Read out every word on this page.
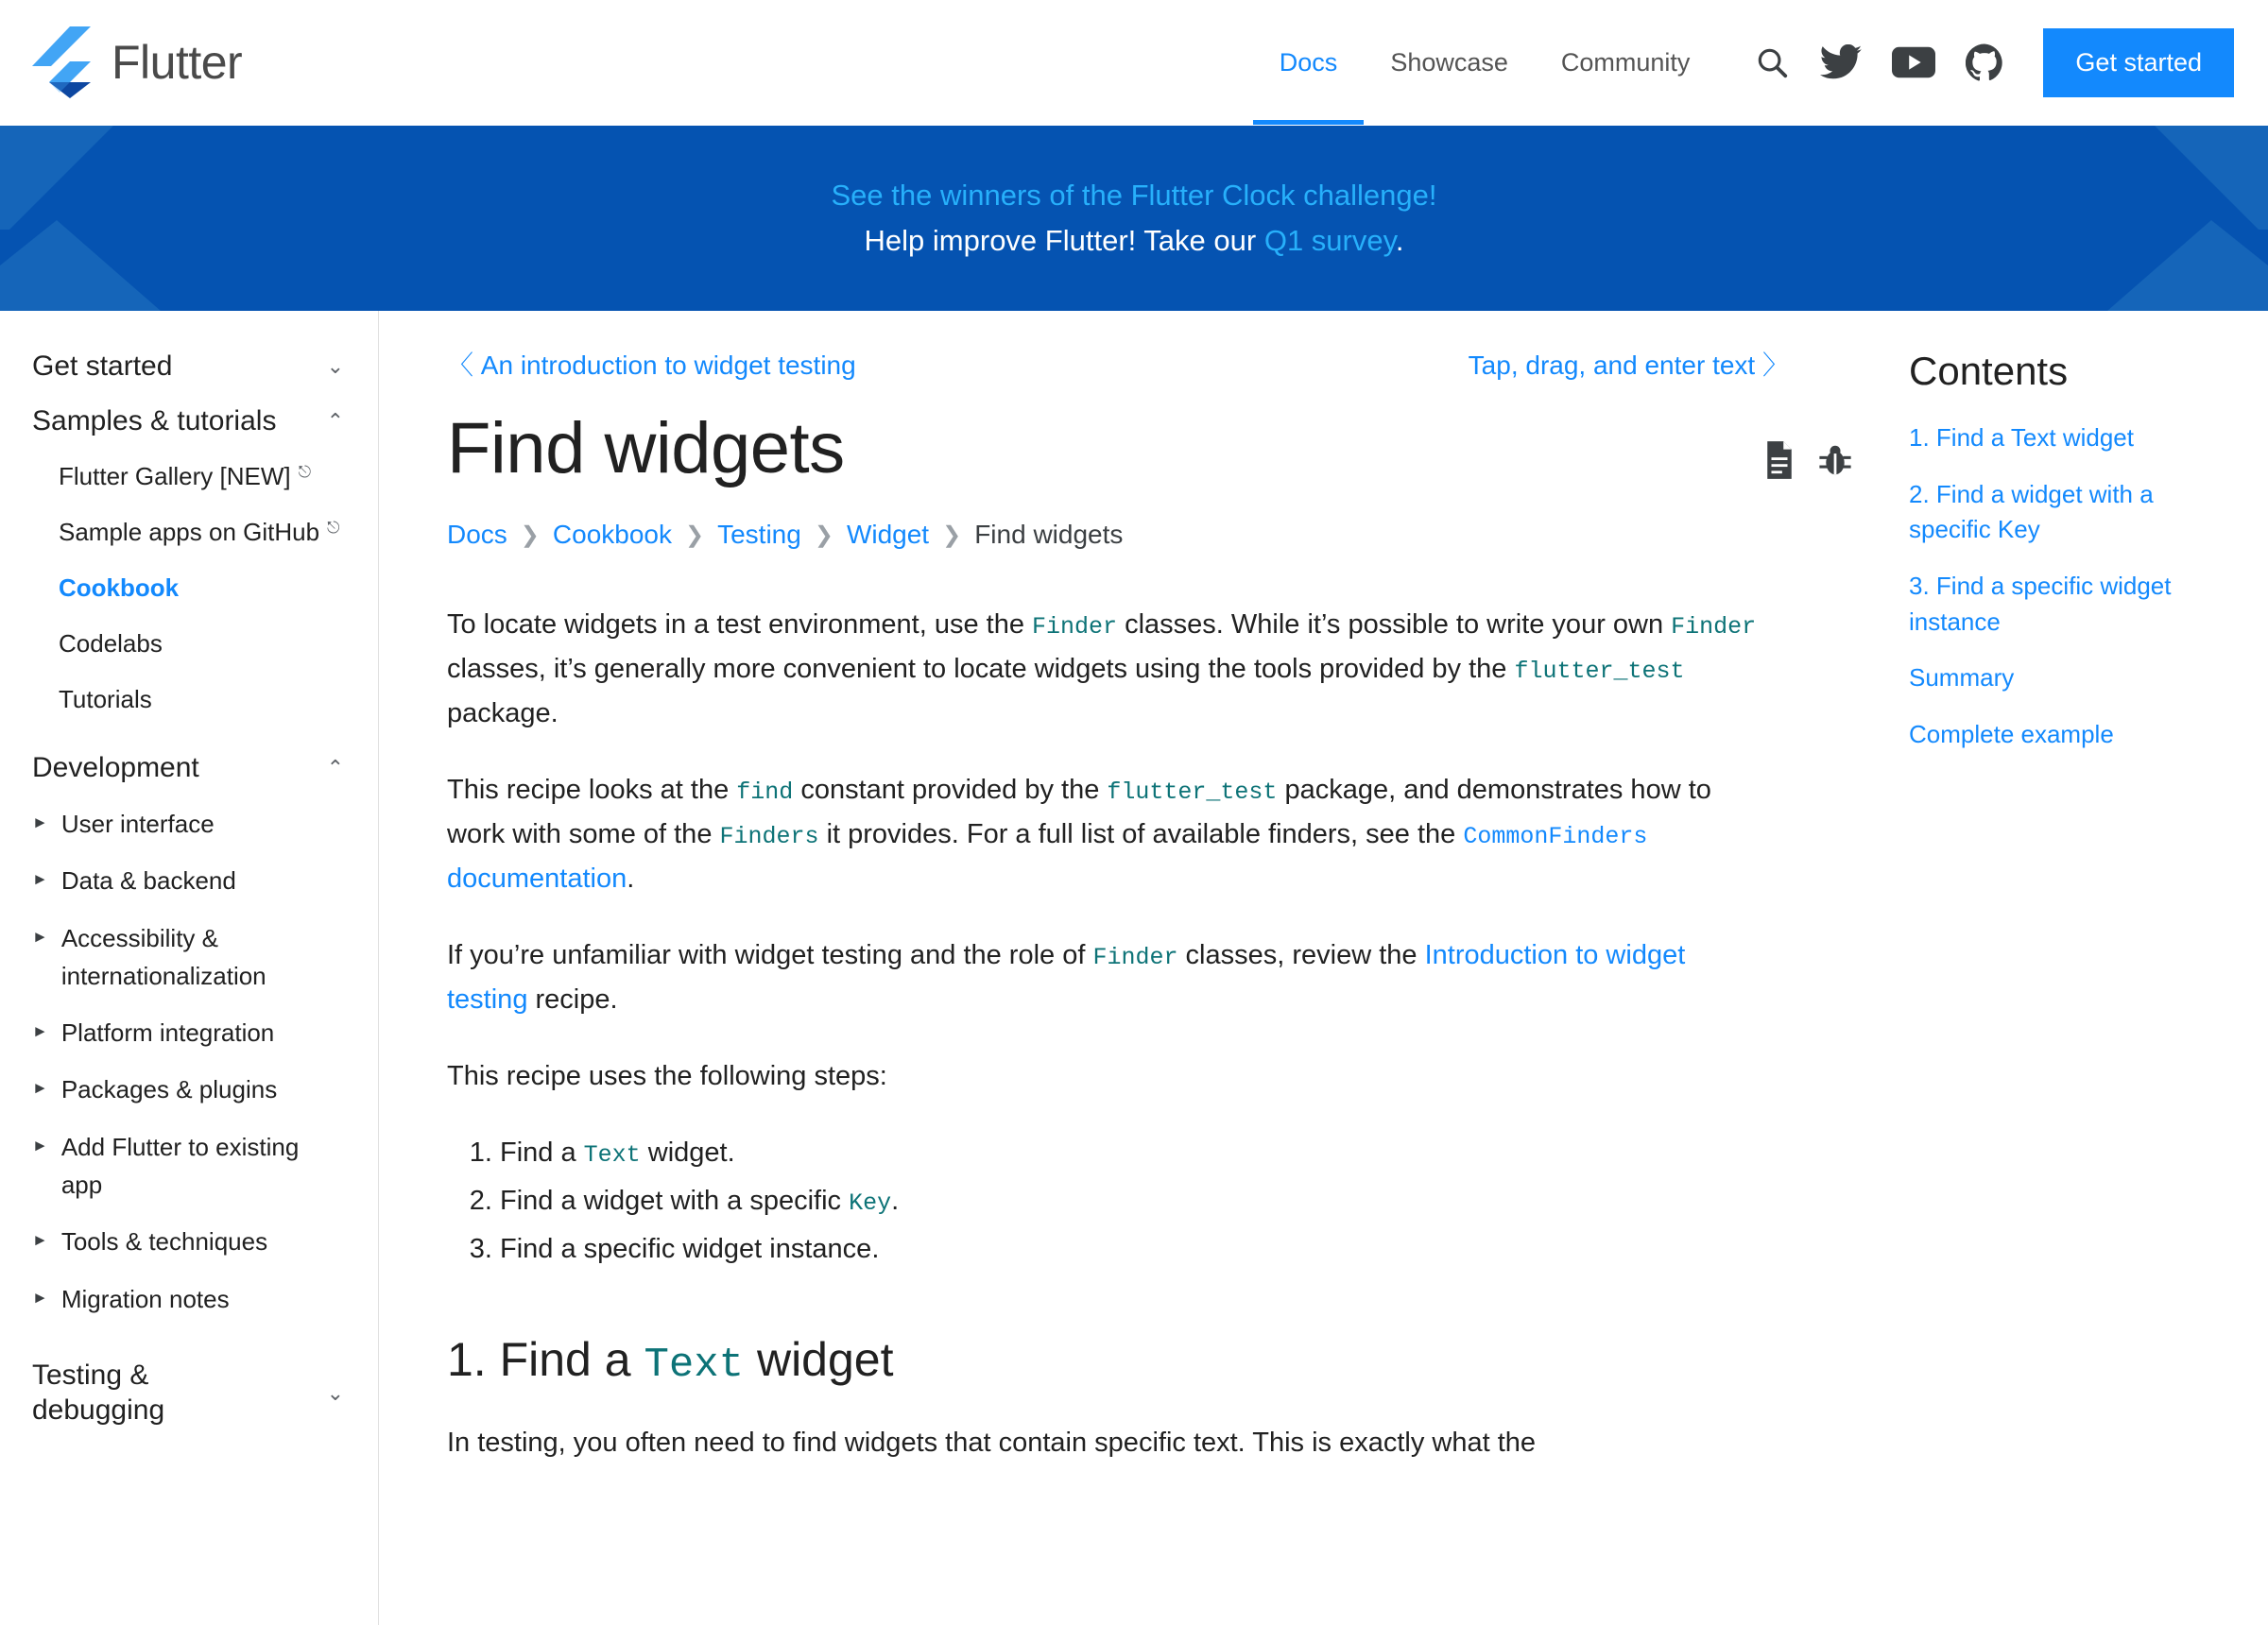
Flutter	Docs	Showcase	Community	Get started
See the winners of the Flutter Clock challenge!
Help improve Flutter! Take our Q1 survey.
Get started	⌄
Samples & tutorials ⌃
Flutter Gallery [NEW] ⎋
Sample apps on GitHub ⎋
Cookbook
Codelabs
Tutorials
Development	⌃
► User interface
► Data & backend
► Accessibility & internationalization
► Platform integration
► Packages & plugins
► Add Flutter to existing app
► Tools & techniques
► Migration notes
Testing & debugging
⌄
〈 An introduction to widget testing	Tap, drag, and enter text 〉
Find widgets
Docs ❯ Cookbook ❯ Testing ❯ Widget ❯ Find widgets

To locate widgets in a test environment, use the Finder classes. While it’s possible to write your own Finder classes, it’s generally more convenient to locate widgets using the tools provided by the flutter_test package.

This recipe looks at the find constant provided by the flutter_test package, and demonstrates how to work with some of the Finders it provides. For a full list of available finders, see the CommonFinders documentation.

If you’re unfamiliar with widget testing and the role of Finder classes, review the Introduction to widget testing recipe.

This recipe uses the following steps:

1. Find a Text widget.
2. Find a widget with a specific Key.
3. Find a specific widget instance.
1. Find a Text widget

In testing, you often need to find widgets that contain specific text. This is exactly what the

Contents
1. Find a Text widget
2. Find a widget with a specific Key
3. Find a specific widget instance
Summary
Complete example
